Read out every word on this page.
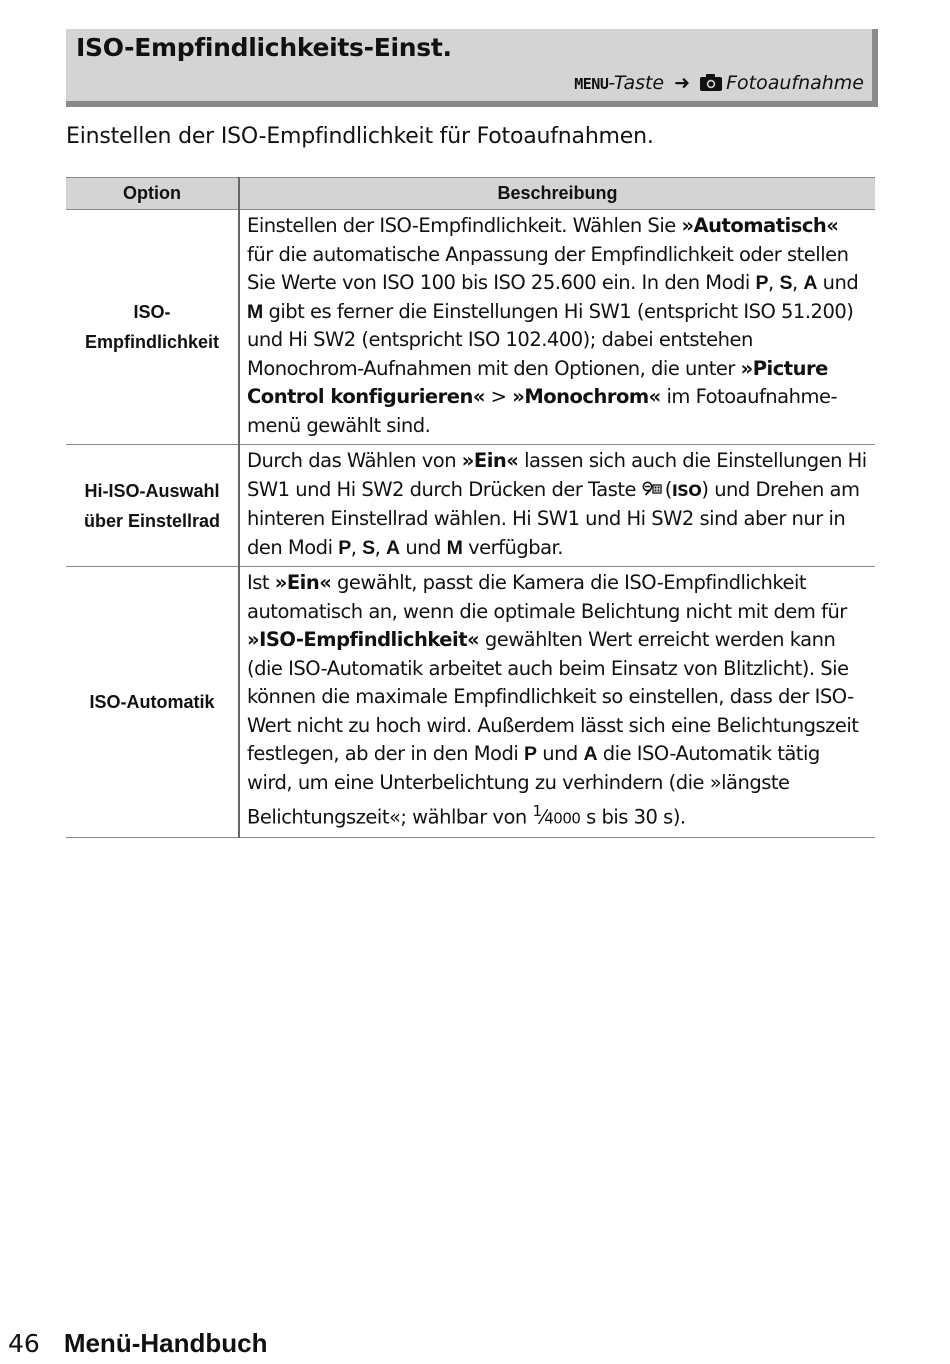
ISO-Empfindlichkeits-Einst.
MENU-Taste ➜ Fotoaufnahme
Einstellen der ISO-Empfindlichkeit für Fotoaufnahmen.
Option	Beschreibung
ISO-
Empfindlichkeit	Einstellen der ISO-Empfindlichkeit. Wählen Sie »Automatisch« für die automatische Anpassung der Empfindlichkeit oder stellen Sie Werte von ISO 100 bis ISO 25.600 ein. In den Modi P, S, A und M gibt es ferner die Einstellungen Hi SW1 (entspricht ISO 51.200) und Hi SW2 (entspricht ISO 102.400); dabei entstehen Monochrom-Aufnahmen mit den Optionen, die unter »Picture Control konfigurieren« > »Monochrom« im Fotoaufnahmemenü gewählt sind.
Hi-ISO-Auswahl
über Einstellrad	Durch das Wählen von »Ein« lassen sich auch die Einstellungen Hi SW1 und Hi SW2 durch Drücken der Taste (ISO) und Drehen am hinteren Einstellrad wählen. Hi SW1 und Hi SW2 sind aber nur in den Modi P, S, A und M verfügbar.
ISO-Automatik	Ist »Ein« gewählt, passt die Kamera die ISO-Empfindlichkeit automatisch an, wenn die optimale Belichtung nicht mit dem für »ISO-Empfindlichkeit« gewählten Wert erreicht werden kann (die ISO-Automatik arbeitet auch beim Einsatz von Blitzlicht). Sie können die maximale Empfindlichkeit so einstellen, dass der ISO-Wert nicht zu hoch wird. Außerdem lässt sich eine Belichtungszeit festlegen, ab der in den Modi P und A die ISO-Automatik tätig wird, um eine Unterbelichtung zu verhindern (die »längste Belichtungszeit«; wählbar von $^1$⁄4000 s bis 30 s).
46 Menü-Handbuch
